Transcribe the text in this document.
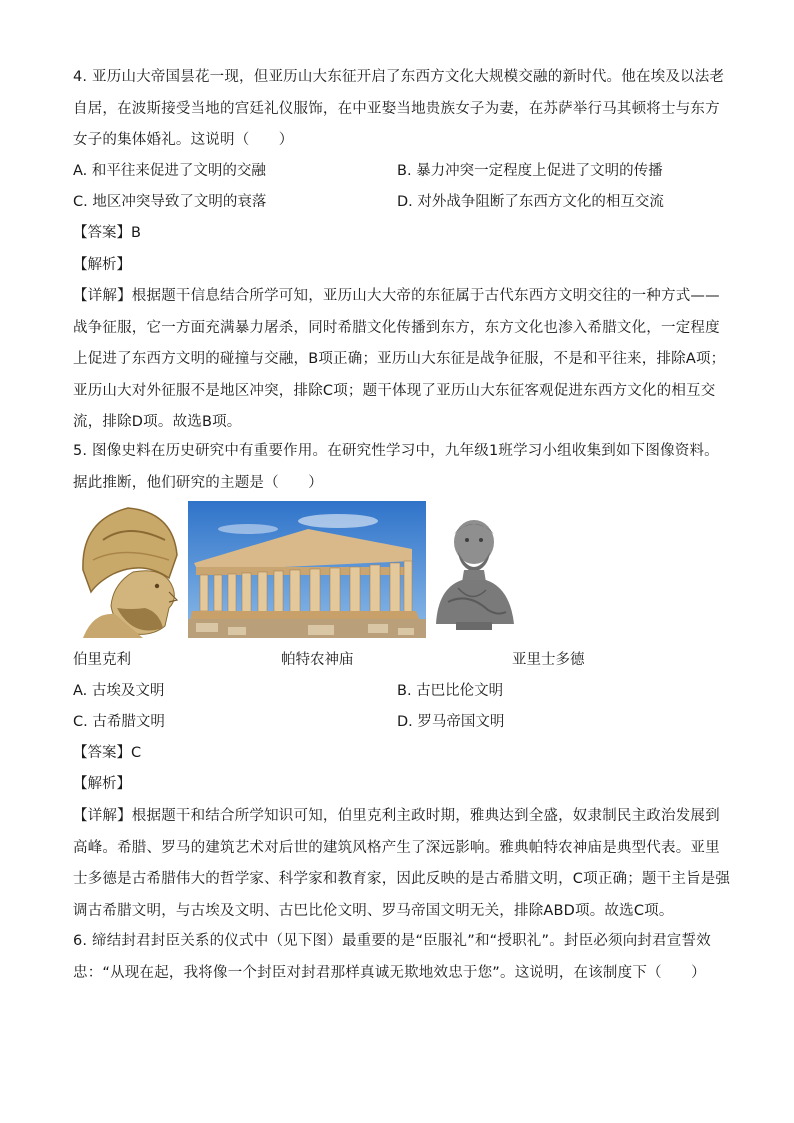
4. 亚历山大帝国昙花一现，但亚历山大东征开启了东西方文化大规模交融的新时代。他在埃及以法老自居，在波斯接受当地的宫廷礼仪服饰，在中亚娶当地贵族女子为妻，在苏萨举行马其顿将士与东方女子的集体婚礼。这说明（　　）
A. 和平往来促进了文明的交融	B. 暴力冲突一定程度上促进了文明的传播
C. 地区冲突导致了文明的衰落	D. 对外战争阻断了东西方文化的相互交流
【答案】B
【解析】
【详解】根据题干信息结合所学可知，亚历山大大帝的东征属于古代东西方文明交往的一种方式——战争征服，它一方面充满暴力屠杀，同时希腊文化传播到东方，东方文化也渗入希腊文化，一定程度上促进了东西方文明的碰撞与交融，B项正确；亚历山大东征是战争征服，不是和平往来，排除A项；亚历山大对外征服不是地区冲突，排除C项；题干体现了亚历山大东征客观促进东西方文化的相互交流，排除D项。故选B项。
5. 图像史料在历史研究中有重要作用。在研究性学习中，九年级1班学习小组收集到如下图像资料。据此推断，他们研究的主题是（　　）
伯里克利	帕特农神庙	亚里士多德
A. 古埃及文明	B. 古巴比伦文明
C. 古希腊文明	D. 罗马帝国文明
【答案】C
【解析】
【详解】根据题干和结合所学知识可知，伯里克利主政时期，雅典达到全盛，奴隶制民主政治发展到高峰。希腊、罗马的建筑艺术对后世的建筑风格产生了深远影响。雅典帕特农神庙是典型代表。亚里士多德是古希腊伟大的哲学家、科学家和教育家，因此反映的是古希腊文明，C项正确；题干主旨是强调古希腊文明，与古埃及文明、古巴比伦文明、罗马帝国文明无关，排除ABD项。故选C项。
6. 缔结封君封臣关系的仪式中（见下图）最重要的是“臣服礼”和“授职礼”。封臣必须向封君宣誓效忠：“从现在起，我将像一个封臣对封君那样真诚无欺地效忠于您”。这说明，在该制度下（　　）
